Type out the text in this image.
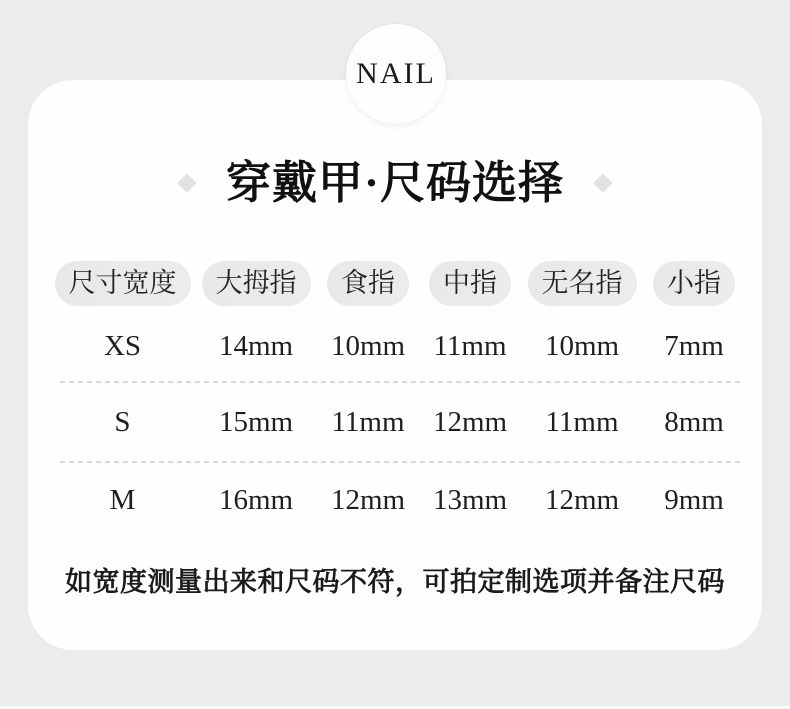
NAIL
穿戴甲·尺码选择
尺寸宽度	大拇指	食指	中指	无名指	小指
XS	14mm 10mm 11mm 10mm 7mm
S	15mm 11mm 12mm 11mm 8mm
M	16mm 12mm 13mm 12mm 9mm
如宽度测量出来和尺码不符，可拍定制选项并备注尺码
